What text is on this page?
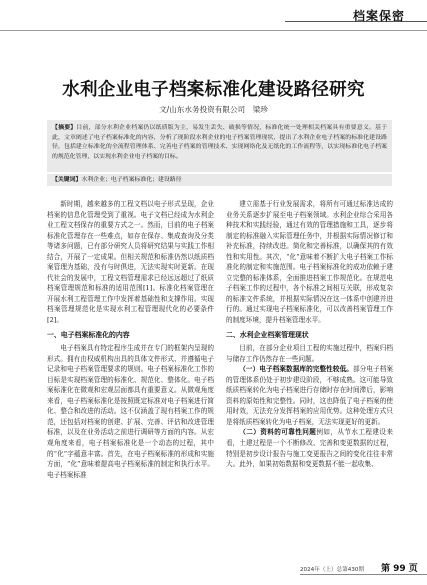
档案保密
水利企业电子档案标准化建设路径研究
文/山东水务投资有限公司　梁珍
【摘要】目前，部分水利企业档案仍以纸质版为主，易发生丢失、破损等情况，标准化统一处理相关档案具有重要意义。基于此，文章阐述了电子档案标准化的内容，分析了现阶段水利企业的电子档案管理现状，提出了水利企业电子档案的标准化建设路径，包括建立标准化的全流程管理体系、完善电子档案的管理技术、实现网络化及无纸化的工作流程等，以实现标准化电子档案的规范化管理，以实现水利企业电子档案的目标。
【关键词】水利企业；电子档案标准化；建设路径

新时期，越来越多的工程文档以电子形式呈现，企业档案的信息化管理受到了重视。电子文档已经成为水利企业工程文档保存的重要方式之一。然而，目前的电子档案标准化管理存在一些难点，如存在保存、集成查询及分类等诸多问题，已有部分研究人员将研究结果与实践工作相结合，开展了一定成果。但相关规范和标准仍然以纸质档案管理为基础，没有与时俱进，无法实现实时更新。在现代社会的发展中，工程文档管理需求已经远远超过了纸质档案管理规范和标准的适用范围[1]。标准化档案管理在开展水利工程管理工作中发挥着基础性和支撑作用。实现档案管理规范化是实现水利工程管理现代化的必要条件[2]。

一、电子档案标准化的内容

电子档案具有特定程序生成并在专门的框架内呈现的形式。拥有由权威机构出具的具体文件形式、并遵循电子记录和电子档案管理要求的规则。电子档案标准化工作的目标是实现档案管理的标准化、规范化、整体化。电子档案标准化在微观和宏观层面都具有重要意义。从微观角度来看，电子档案标准化是按照既定标准对电子档案进行简化、整合和改进的活动。这不仅涵盖了现有档案工作的规范，还包括对档案的创建、扩展、完善、评估和改进管理标准，以及在业务活动之前进行调研等方面的内容。从宏观角度来看，电子档案标准化是一个动态的过程，其中的“化”字蕴意丰富。首先，在电子档案标准的形成和实施方面，“化”意味着提高电子档案标准的制定和执行水平。电子档案标准

建立需基于行业发展需求，将所有可通过标准达成的业务关系逐步扩展至电子档案领域。水利企业综合采用各种技术和实践经验，通过有效的管理措施和工具，逐步将制定的标准融入实际管理任务中，并根据实际情况修订和补充标准，持续改进。简化和完善标准，以确保其的有效性和实用性。其次，“化”意味着不断扩大电子档案工作标准化的制定和实施范围。电子档案标准化的成功依赖于建立完整的标准体系，全面推进档案工作规范化。在规范电子档案工作的过程中，各个标准之间相互关联，形成复杂的标准文件系统，并根据实际情况在这一体系中创建并进行的。通过实现电子档案标准化，可以改善档案管理工作的制度环境，提升档案管理水平。

二、水利企业档案管理现状

目前，在部分企业项目工程的实施过程中，档案归档与储存工作仍然存在一些问题。

（一）电子档案数据库的完整性较低。部分电子档案的管理体系仍处于初步建设阶段，不够成熟。这可能导致纸质档案转化为电子档案进行存储时存在时间滞后，影响资料的原始性和完整性。同时，这也降低了电子档案的使用时效，无法充分发挥档案的应用优势。这种处理方式只是将纸质档案转化为电子档案，无法实现更好的更新。

（二）资料的可靠性问题例如，从节水工程建设来看，土建过程是一个不断修改、完善和变更数据的过程，特别是初步设计报告与施工变更报告之间的变化往往非常大。此外，如果初始数据和变更数据不能一起收集、

2024年（上）总第430期 第 99 页
